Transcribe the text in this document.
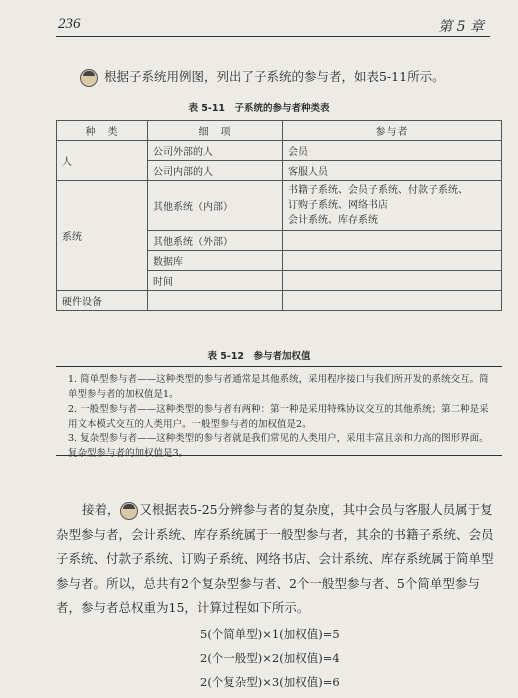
236	第 5 章
根据子系统用例图，列出了子系统的参与者，如表5-11所示。
表 5-11　子系统的参与者种类表
种　类	细　项	参与者
人	公司外部的人	会员
	公司内部的人	客服人员
系统	其他系统（内部）	书籍子系统、会员子系统、付款子系统、
订购子系统、网络书店
会计系统、库存系统

	其他系统（外部）	
	数据库	
	时间	
硬件设备		
表 5-12　参与者加权值
1. 简单型参与者——这种类型的参与者通常是其他系统，采用程序接口与我们所开发的系统交互。简单型参与者的加权值是1。
2. 一般型参与者——这种类型的参与者有两种：第一种是采用特殊协议交互的其他系统；第二种是采用文本模式交互的人类用户。一般型参与者的加权值是2。
3. 复杂型参与者——这种类型的参与者就是我们常见的人类用户，采用丰富且亲和力高的图形界面。复杂型参与者的加权值是3。
接着， 又根据表5-25分辨参与者的复杂度，其中会员与客服人员属于复杂型参与者，会计系统、库存系统属于一般型参与者，其余的书籍子系统、会员子系统、付款子系统、订购子系统、网络书店、会计系统、库存系统属于简单型参与者。所以，总共有2个复杂型参与者、2个一般型参与者、5个简单型参与者，参与者总权重为15，计算过程如下所示。
5(个简单型)×1(加权值)=5
2(个一般型)×2(加权值)=4
2(个复杂型)×3(加权值)=6
